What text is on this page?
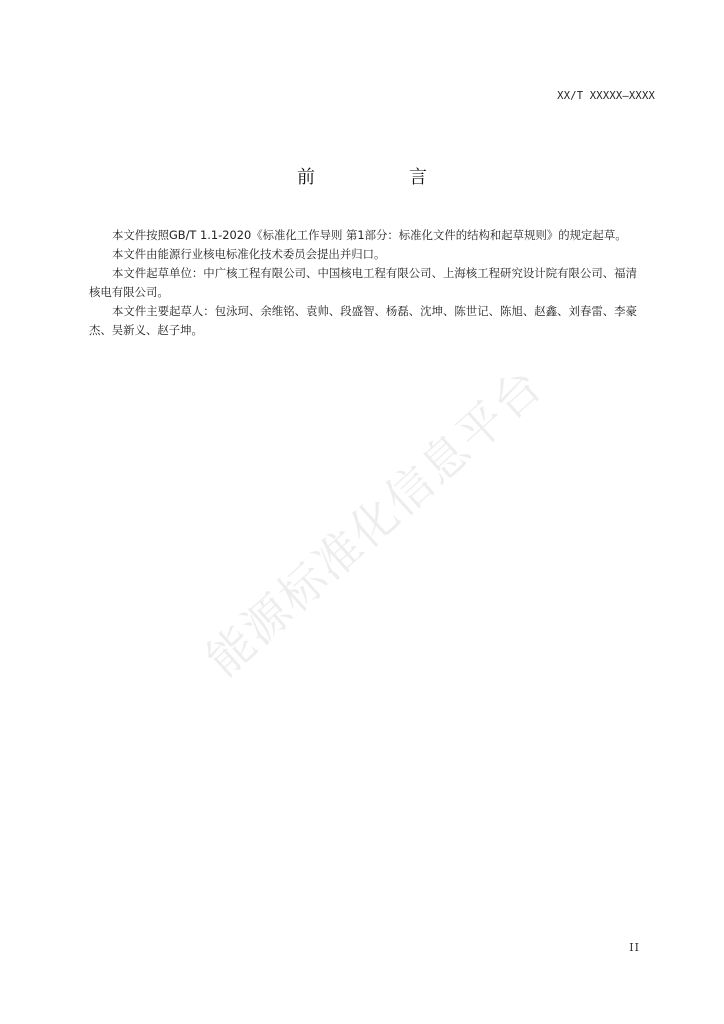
XX/T XXXXX—XXXX
前　言

本文件按照GB/T 1.1-2020《标准化工作导则 第1部分：标准化文件的结构和起草规则》的规定起草。

本文件由能源行业核电标准化技术委员会提出并归口。

本文件起草单位：中广核工程有限公司、中国核电工程有限公司、上海核工程研究设计院有限公司、福清核电有限公司。

本文件主要起草人：包泳珂、余维铭、袁帅、段盛智、杨磊、沈坤、陈世记、陈旭、赵鑫、刘春雷、李豪杰、吴新义、赵子坤。

能源标准化信息平台
II
